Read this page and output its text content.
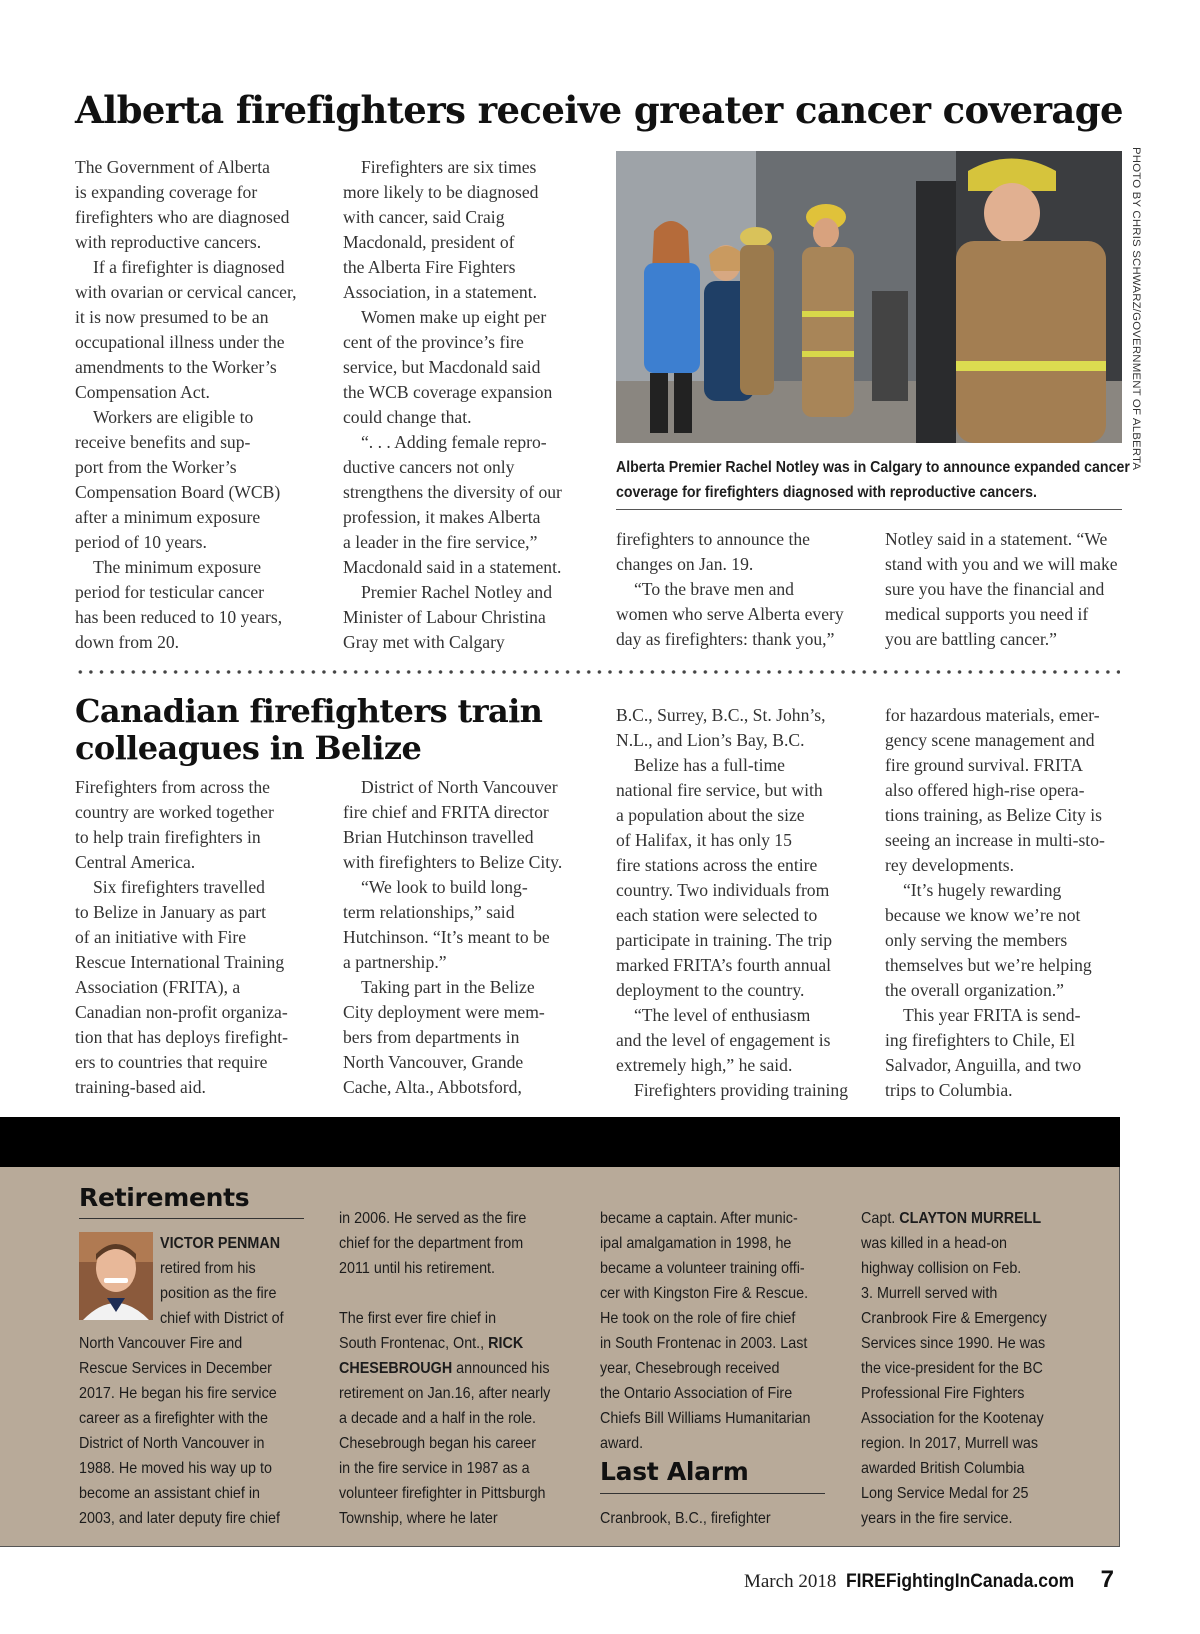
Alberta firefighters receive greater cancer coverage

The Government of Alberta
is expanding coverage for
firefighters who are diagnosed
with reproductive cancers.

If a firefighter is diagnosed
with ovarian or cervical cancer,
it is now presumed to be an
occupational illness under the
amendments to the Worker’s
Compensation Act.

Workers are eligible to
receive benefits and sup-
port from the Worker’s
Compensation Board (WCB)
after a minimum exposure
period of 10 years.

The minimum exposure
period for testicular cancer
has been reduced to 10 years,
down from 20.

Firefighters are six times
more likely to be diagnosed
with cancer, said Craig
Macdonald, president of
the Alberta Fire Fighters
Association, in a statement.

Women make up eight per
cent of the province’s fire
service, but Macdonald said
the WCB coverage expansion
could change that.

“. . . Adding female repro-
ductive cancers not only
strengthens the diversity of our
profession, it makes Alberta
a leader in the fire service,”
Macdonald said in a statement.

Premier Rachel Notley and
Minister of Labour Christina
Gray met with Calgary

firefighters to announce the
changes on Jan. 19.

“To the brave men and
women who serve Alberta every
day as firefighters: thank you,”

Notley said in a statement. “We
stand with you and we will make
sure you have the financial and
medical supports you need if
you are battling cancer.”

Alberta Premier Rachel Notley was in Calgary to announce expanded cancer
coverage for firefighters diagnosed with reproductive cancers.
PHOTO BY CHRIS SCHWARZ/GOVERNMENT OF ALBERTA
Canadian firefighters train colleagues in Belize

Firefighters from across the
country are worked together
to help train firefighters in
Central America.

Six firefighters travelled
to Belize in January as part
of an initiative with Fire
Rescue International Training
Association (FRITA), a
Canadian non-profit organiza-
tion that has deploys firefight-
ers to countries that require
training-based aid.

District of North Vancouver
fire chief and FRITA director
Brian Hutchinson travelled
with firefighters to Belize City.

“We look to build long-
term relationships,” said
Hutchinson. “It’s meant to be
a partnership.”

Taking part in the Belize
City deployment were mem-
bers from departments in
North Vancouver, Grande
Cache, Alta., Abbotsford,

B.C., Surrey, B.C., St. John’s,
N.L., and Lion’s Bay, B.C.

Belize has a full-time
national fire service, but with
a population about the size
of Halifax, it has only 15
fire stations across the entire
country. Two individuals from
each station were selected to
participate in training. The trip
marked FRITA’s fourth annual
deployment to the country.

“The level of enthusiasm
and the level of engagement is
extremely high,” he said.

Firefighters providing training

for hazardous materials, emer-
gency scene management and
fire ground survival. FRITA
also offered high-rise opera-
tions training, as Belize City is
seeing an increase in multi-sto-
rey developments.

“It’s hugely rewarding
because we know we’re not
only serving the members
themselves but we’re helping
the overall organization.”

This year FRITA is send-
ing firefighters to Chile, El
Salvador, Anguilla, and two
trips to Columbia.

Retirements
VICTOR PENMAN
retired from his
position as the fire
chief with District of
North Vancouver Fire and
Rescue Services in December
2017. He began his fire service
career as a firefighter with the
District of North Vancouver in
1988. He moved his way up to
become an assistant chief in
2003, and later deputy fire chief
in 2006. He served as the fire
chief for the department from
2011 until his retirement.
The first ever fire chief in
South Frontenac, Ont., RICK
CHESEBROUGH announced his
retirement on Jan.16, after nearly
a decade and a half in the role.
Chesebrough began his career
in the fire service in 1987 as a
volunteer firefighter in Pittsburgh
Township, where he later
became a captain. After munic-
ipal amalgamation in 1998, he
became a volunteer training offi-
cer with Kingston Fire & Rescue.
He took on the role of fire chief
in South Frontenac in 2003. Last
year, Chesebrough received
the Ontario Association of Fire
Chiefs Bill Williams Humanitarian
award.
Last Alarm
Cranbrook, B.C., firefighter
Capt. CLAYTON MURRELL
was killed in a head-on
highway collision on Feb.
3. Murrell served with
Cranbrook Fire & Emergency
Services since 1990. He was
the vice-president for the BC
Professional Fire Fighters
Association for the Kootenay
region. In 2017, Murrell was
awarded British Columbia
Long Service Medal for 25
years in the fire service.
March 2018 FIREFightingInCanada.com 7
